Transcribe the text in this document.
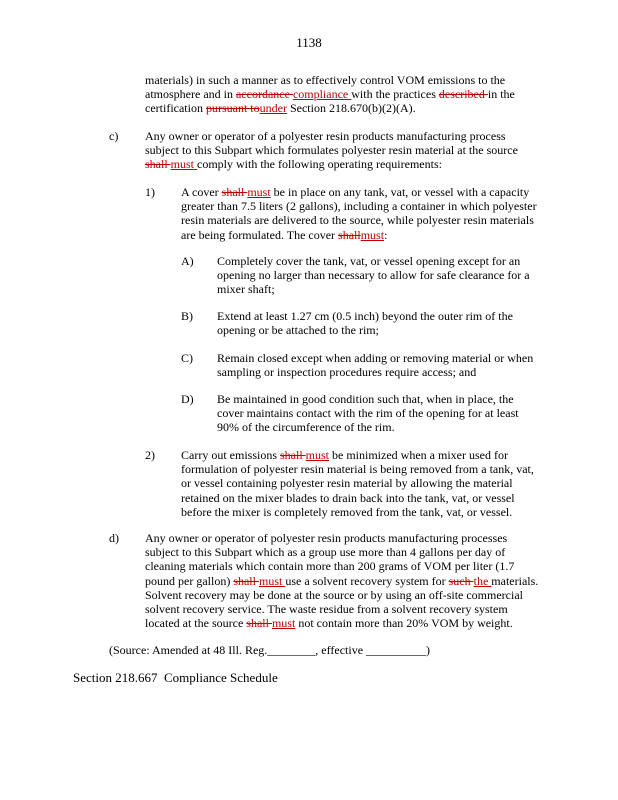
1138
materials) in such a manner as to effectively control VOM emissions to the
atmosphere and in accordance compliance with the practices described in the
certification pursuant tounder Section 218.670(b)(2)(A).
c) Any owner or operator of a polyester resin products manufacturing process
subject to this Subpart which formulates polyester resin material at the source
shall must comply with the following operating requirements:
1) A cover shall must be in place on any tank, vat, or vessel with a capacity
greater than 7.5 liters (2 gallons), including a container in which polyester
resin materials are delivered to the source, while polyester resin materials
are being formulated. The cover shallmust:
A) Completely cover the tank, vat, or vessel opening except for an
opening no larger than necessary to allow for safe clearance for a
mixer shaft;
B) Extend at least 1.27 cm (0.5 inch) beyond the outer rim of the
opening or be attached to the rim;
C) Remain closed except when adding or removing material or when
sampling or inspection procedures require access; and
D) Be maintained in good condition such that, when in place, the
cover maintains contact with the rim of the opening for at least
90% of the circumference of the rim.
2) Carry out emissions shall must be minimized when a mixer used for
formulation of polyester resin material is being removed from a tank, vat,
or vessel containing polyester resin material by allowing the material
retained on the mixer blades to drain back into the tank, vat, or vessel
before the mixer is completely removed from the tank, vat, or vessel.
d) Any owner or operator of polyester resin products manufacturing processes
subject to this Subpart which as a group use more than 4 gallons per day of
cleaning materials which contain more than 200 grams of VOM per liter (1.7
pound per gallon) shall must use a solvent recovery system for such the materials.
Solvent recovery may be done at the source or by using an off-site commercial
solvent recovery service. The waste residue from a solvent recovery system
located at the source shall must not contain more than 20% VOM by weight.
(Source: Amended at 48 Ill. Reg.________, effective __________)
Section 218.667  Compliance Schedule
